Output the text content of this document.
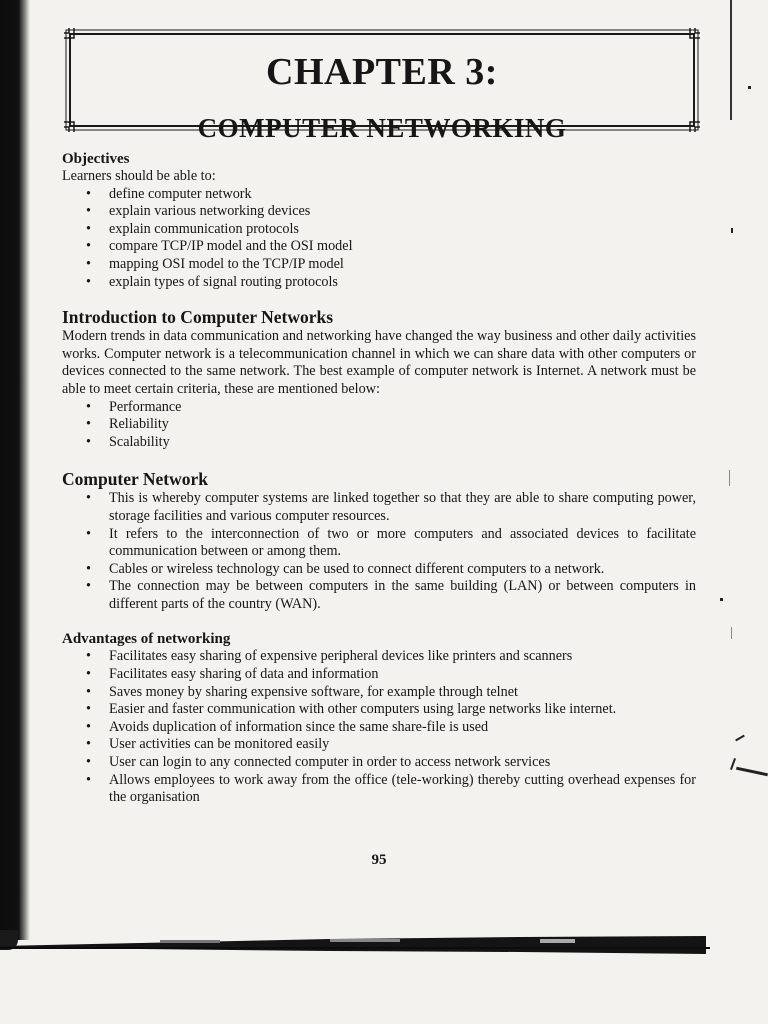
CHAPTER 3:
COMPUTER NETWORKING
Objectives

Learners should be able to:

•	define computer network
•	explain various networking devices
•	explain communication protocols
•	compare TCP/IP model and the OSI model
•	mapping OSI model to the TCP/IP model
•	explain types of signal routing protocols
Introduction to Computer Networks

Modern trends in data communication and networking have changed the way business and other daily activities works. Computer network is a telecommunication channel in which we can share data with other computers or devices connected to the same network. The best example of computer network is Internet. A network must be able to meet certain criteria, these are mentioned below:

•	Performance
•	Reliability
•	Scalability
Computer Network
•	This is whereby computer systems are linked together so that they are able to share computing power, storage facilities and various computer resources.
•	It refers to the interconnection of two or more computers and associated devices to facilitate communication between or among them.
•	Cables or wireless technology can be used to connect different computers to a network.
•	The connection may be between computers in the same building (LAN) or between computers in different parts of the country (WAN).
Advantages of networking
•	Facilitates easy sharing of expensive peripheral devices like printers and scanners
•	Facilitates easy sharing of data and information
•	Saves money by sharing expensive software, for example through telnet
•	Easier and faster communication with other computers using large networks like internet.
•	Avoids duplication of information since the same share-file is used
•	User activities can be monitored easily
•	User can login to any connected computer in order to access network services
•	Allows employees to work away from the office (tele-working) thereby cutting overhead expenses for the organisation
95
